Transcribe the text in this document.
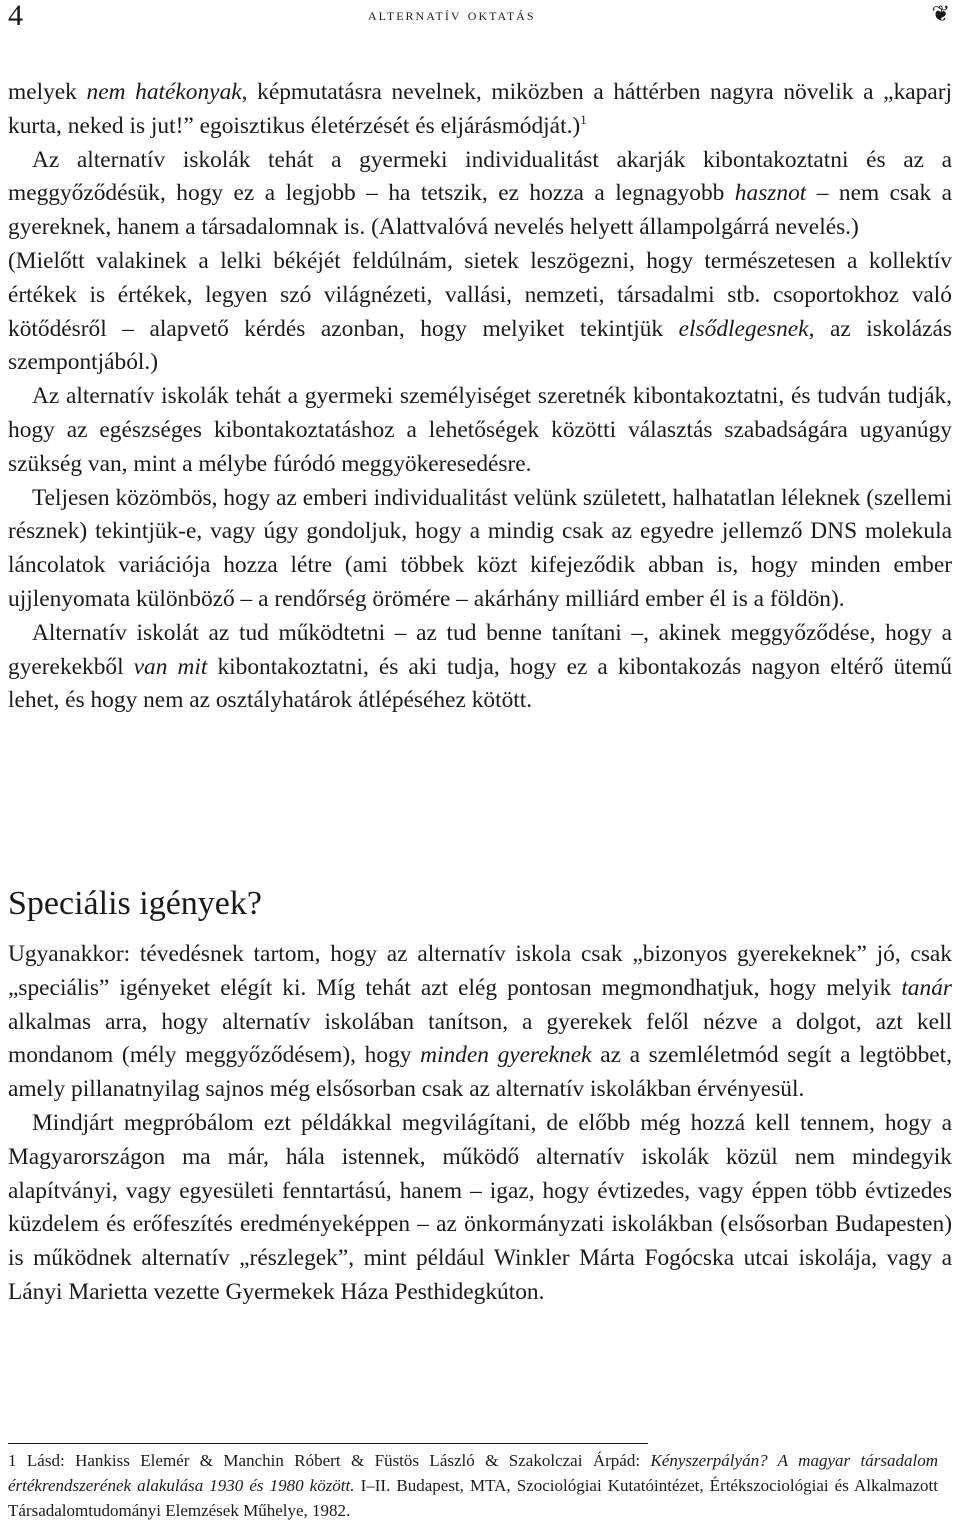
4	alternatív oktatás	❦

melyek nem hatékonyak, képmutatásra nevelnek, miközben a háttérben nagyra növelik a „kaparj kurta, neked is jut!” egoisztikus életérzését és eljárásmódját.)$^1$

Az alternatív iskolák tehát a gyermeki individualitást akarják kibontakoztatni és az a meggyőződésük, hogy ez a legjobb – ha tetszik, ez hozza a legnagyobb hasznot – nem csak a gyereknek, hanem a társadalomnak is. (Alattvalóvá nevelés helyett állampolgárrá nevelés.)

(Mielőtt valakinek a lelki békéjét feldúlnám, sietek leszögezni, hogy természetesen a kollektív értékek is értékek, legyen szó világnézeti, vallási, nemzeti, társadalmi stb. csoportokhoz való kötődésről – alapvető kérdés azonban, hogy melyiket tekintjük elsődlegesnek, az iskolázás szempontjából.)

Az alternatív iskolák tehát a gyermeki személyiséget szeretnék kibontakoztatni, és tudván tudják, hogy az egészséges kibontakoztatáshoz a lehetőségek közötti választás szabadságára ugyanúgy szükség van, mint a mélybe fúródó meggyökeresedésre.

Teljesen közömbös, hogy az emberi individualitást velünk született, halhatatlan léleknek (szellemi résznek) tekintjük-e, vagy úgy gondoljuk, hogy a mindig csak az egyedre jellemző DNS molekula láncolatok variációja hozza létre (ami többek közt kifejeződik abban is, hogy minden ember ujjlenyomata különböző – a rendőrség örömére – akárhány milliárd ember él is a földön).

Alternatív iskolát az tud működtetni – az tud benne tanítani –, akinek meggyőződése, hogy a gyerekekből van mit kibontakoztatni, és aki tudja, hogy ez a kibontakozás nagyon eltérő ütemű lehet, és hogy nem az osztályhatárok átlépéséhez kötött.

Speciális igények?

Ugyanakkor: tévedésnek tartom, hogy az alternatív iskola csak „bizonyos gyerekeknek” jó, csak „speciális” igényeket elégít ki. Míg tehát azt elég pontosan megmondhatjuk, hogy melyik tanár alkalmas arra, hogy alternatív iskolában tanítson, a gyerekek felől nézve a dolgot, azt kell mondanom (mély meggyőződésem), hogy minden gyereknek az a szemléletmód segít a legtöbbet, amely pillanatnyilag sajnos még elsősorban csak az alternatív iskolákban érvényesül.

Mindjárt megpróbálom ezt példákkal megvilágítani, de előbb még hozzá kell tennem, hogy a Magyarországon ma már, hála istennek, működő alternatív iskolák közül nem mindegyik alapítványi, vagy egyesületi fenntartású, hanem – igaz, hogy évtizedes, vagy éppen több évtizedes küzdelem és erőfeszítés eredményeképpen – az önkormányzati iskolákban (elsősorban Budapesten) is működnek alternatív „részlegek”, mint például Winkler Márta Fogócska utcai iskolája, vagy a Lányi Marietta vezette Gyermekek Háza Pesthidegkúton.

1 Lásd: Hankiss Elemér & Manchin Róbert & Füstös László & Szakolczai Árpád: Kényszerpályán? A magyar társadalom értékrendszerének alakulása 1930 és 1980 között. I–II. Budapest, MTA, Szociológiai Kutatóintézet, Értékszociológiai és Alkalmazott Társadalomtudományi Elemzések Műhelye, 1982.
